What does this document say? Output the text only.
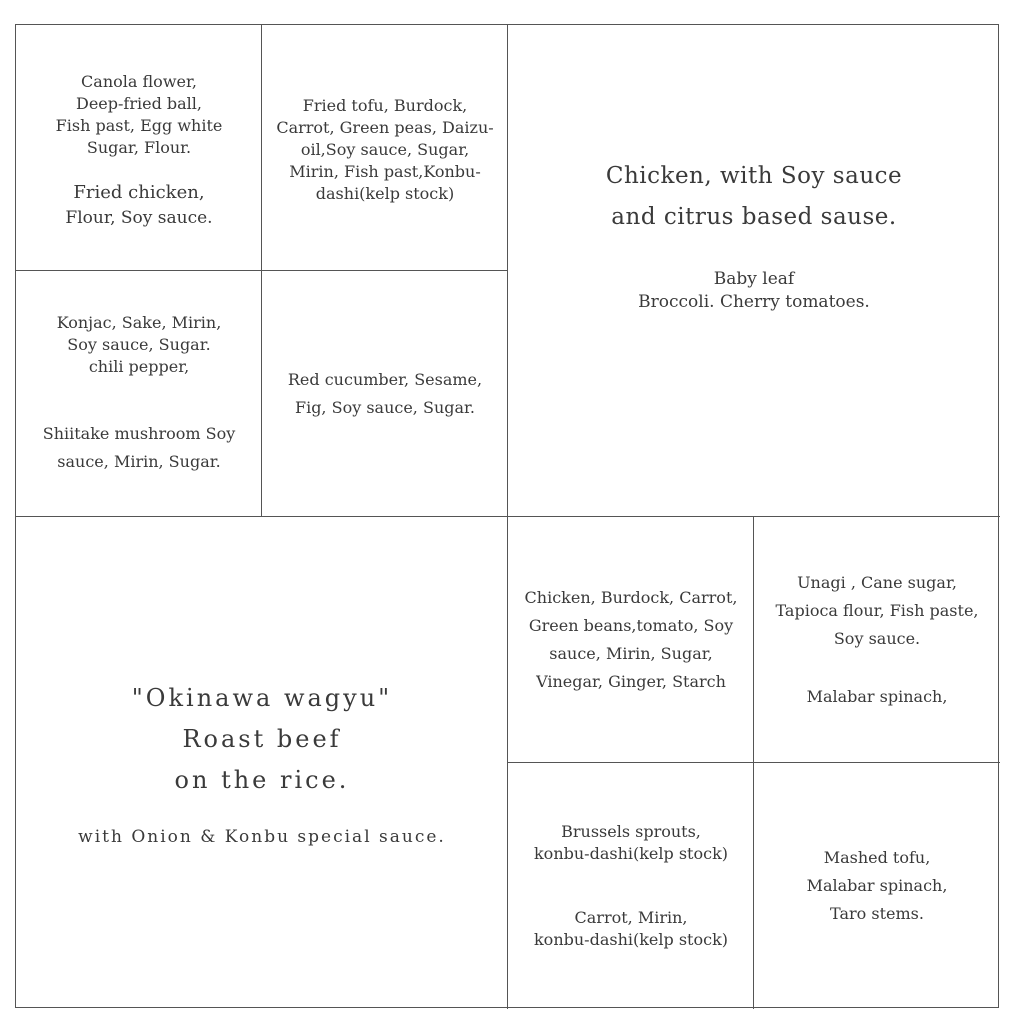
Canola flower,
Deep-fried ball,
Fish past, Egg white
Sugar, Flour.
Fried chicken,
Flour, Soy sauce.
Fried tofu, Burdock,
Carrot, Green peas, Daizu-
oil,Soy sauce, Sugar,
Mirin, Fish past,Konbu-
dashi(kelp stock)
Chicken, with Soy sauce
and citrus based sause.
Baby leaf
Broccoli. Cherry tomatoes.
Konjac, Sake, Mirin,
Soy sauce, Sugar.
chili pepper,
Shiitake mushroom Soy
sauce, Mirin, Sugar.
Red cucumber, Sesame,
Fig, Soy sauce, Sugar.
"Okinawa wagyu"
Roast beef
on the rice.
with Onion & Konbu special sauce.
Chicken, Burdock, Carrot,
Green beans,tomato, Soy
sauce, Mirin, Sugar,
Vinegar, Ginger, Starch
Unagi , Cane sugar,
Tapioca flour, Fish paste,
Soy sauce.
Malabar spinach,
Brussels sprouts,
konbu-dashi(kelp stock)
Carrot, Mirin,
konbu-dashi(kelp stock)
Mashed tofu,
Malabar spinach,
Taro stems.
